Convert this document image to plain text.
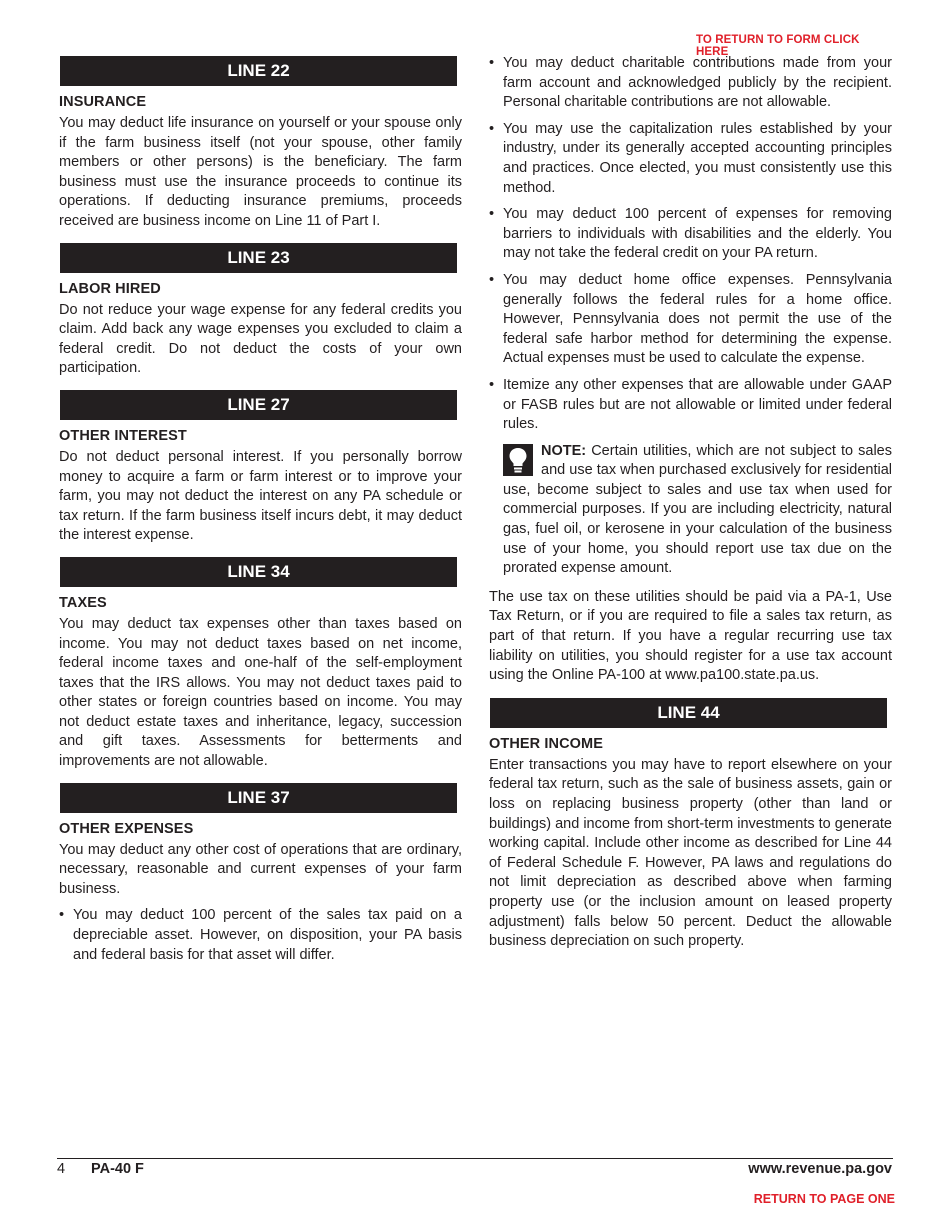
TO RETURN TO FORM CLICK HERE
LINE 22
INSURANCE

You may deduct life insurance on yourself or your spouse only if the farm business itself (not your spouse, other family members or other persons) is the beneficiary. The farm business must use the insurance proceeds to continue its operations. If deducting insurance premiums, proceeds received are business income on Line 11 of Part I.

LINE 23
LABOR HIRED

Do not reduce your wage expense for any federal credits you claim. Add back any wage expenses you excluded to claim a federal credit. Do not deduct the costs of your own participation.

LINE 27
OTHER INTEREST

Do not deduct personal interest. If you personally borrow money to acquire a farm or farm interest or to improve your farm, you may not deduct the interest on any PA schedule or tax return. If the farm business itself incurs debt, it may deduct the interest expense.

LINE 34
TAXES

You may deduct tax expenses other than taxes based on income. You may not deduct taxes based on net income, federal income taxes and one-half of the self-employment taxes that the IRS allows. You may not deduct taxes paid to other states or foreign countries based on income. You may not deduct estate taxes and inheritance, legacy, succession and gift taxes. Assessments for betterments and improvements are not allowable.

LINE 37
OTHER EXPENSES

You may deduct any other cost of operations that are ordinary, necessary, reasonable and current expenses of your farm business.

• You may deduct 100 percent of the sales tax paid on a depreciable asset. However, on disposition, your PA basis and federal basis for that asset will differ.
• You may deduct charitable contributions made from your farm account and acknowledged publicly by the recipient. Personal charitable contributions are not allowable.
• You may use the capitalization rules established by your industry, under its generally accepted accounting principles and practices. Once elected, you must consistently use this method.
• You may deduct 100 percent of expenses for removing barriers to individuals with disabilities and the elderly. You may not take the federal credit on your PA return.
• You may deduct home office expenses. Pennsylvania generally follows the federal rules for a home office. However, Pennsylvania does not permit the use of the federal safe harbor method for determining the expense. Actual expenses must be used to calculate the expense.
• Itemize any other expenses that are allowable under GAAP or FASB rules but are not allowable or limited under federal rules.

NOTE: Certain utilities, which are not subject to sales and use tax when purchased exclusively for residential use, become subject to sales and use tax when used for commercial purposes. If you are including electricity, natural gas, fuel oil, or kerosene in your calculation of the business use of your home, you should report use tax due on the prorated expense amount.

The use tax on these utilities should be paid via a PA-1, Use Tax Return, or if you are required to file a sales tax return, as part of that return. If you have a regular recurring use tax liability on utilities, you should register for a use tax account using the Online PA-100 at www.pa100.state.pa.us.

LINE 44
OTHER INCOME

Enter transactions you may have to report elsewhere on your federal tax return, such as the sale of business assets, gain or loss on replacing business property (other than land or buildings) and income from short-term investments to generate working capital. Include other income as described for Line 44 of Federal Schedule F. However, PA laws and regulations do not limit depreciation as described above when farming property use (or the inclusion amount on leased property adjustment) falls below 50 percent. Deduct the allowable business depreciation on such property.

4 PA-40 F	www.revenue.pa.gov
RETURN TO PAGE ONE
